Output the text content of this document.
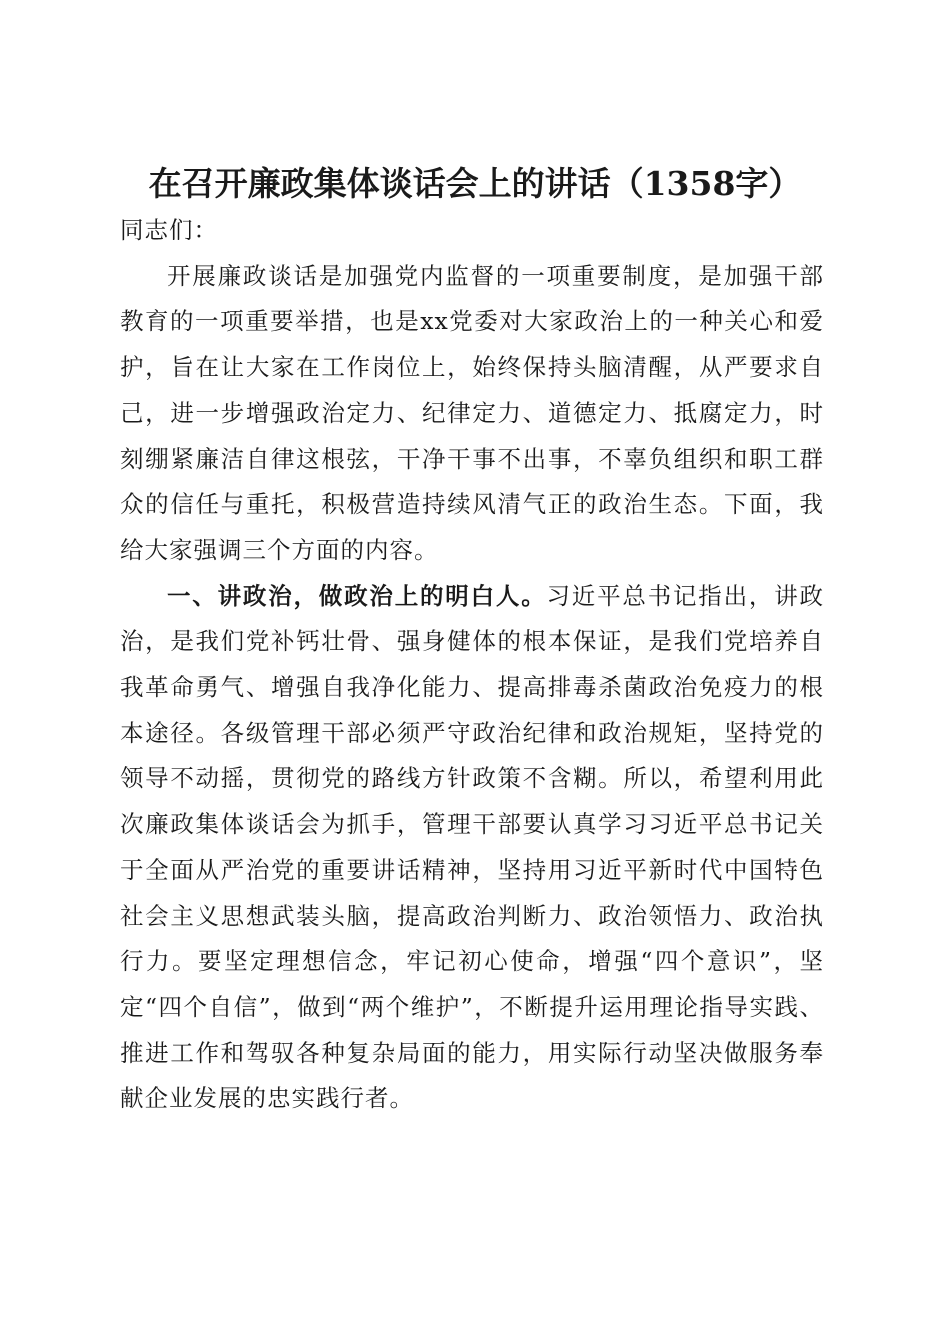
在召开廉政集体谈话会上的讲话（1358字）

同志们：

开展廉政谈话是加强党内监督的一项重要制度，是加强干部教育的一项重要举措，也是xx党委对大家政治上的一种关心和爱护，旨在让大家在工作岗位上，始终保持头脑清醒，从严要求自己，进一步增强政治定力、纪律定力、道德定力、抵腐定力，时刻绷紧廉洁自律这根弦，干净干事不出事，不辜负组织和职工群众的信任与重托，积极营造持续风清气正的政治生态。下面，我给大家强调三个方面的内容。

一、讲政治，做政治上的明白人。习近平总书记指出，讲政治，是我们党补钙壮骨、强身健体的根本保证，是我们党培养自我革命勇气、增强自我净化能力、提高排毒杀菌政治免疫力的根本途径。各级管理干部必须严守政治纪律和政治规矩，坚持党的领导不动摇，贯彻党的路线方针政策不含糊。所以，希望利用此次廉政集体谈话会为抓手，管理干部要认真学习习近平总书记关于全面从严治党的重要讲话精神，坚持用习近平新时代中国特色社会主义思想武装头脑，提高政治判断力、政治领悟力、政治执行力。要坚定理想信念，牢记初心使命，增强“四个意识”，坚定“四个自信”，做到“两个维护”，不断提升运用理论指导实践、推进工作和驾驭各种复杂局面的能力，用实际行动坚决做服务奉献企业发展的忠实践行者。
